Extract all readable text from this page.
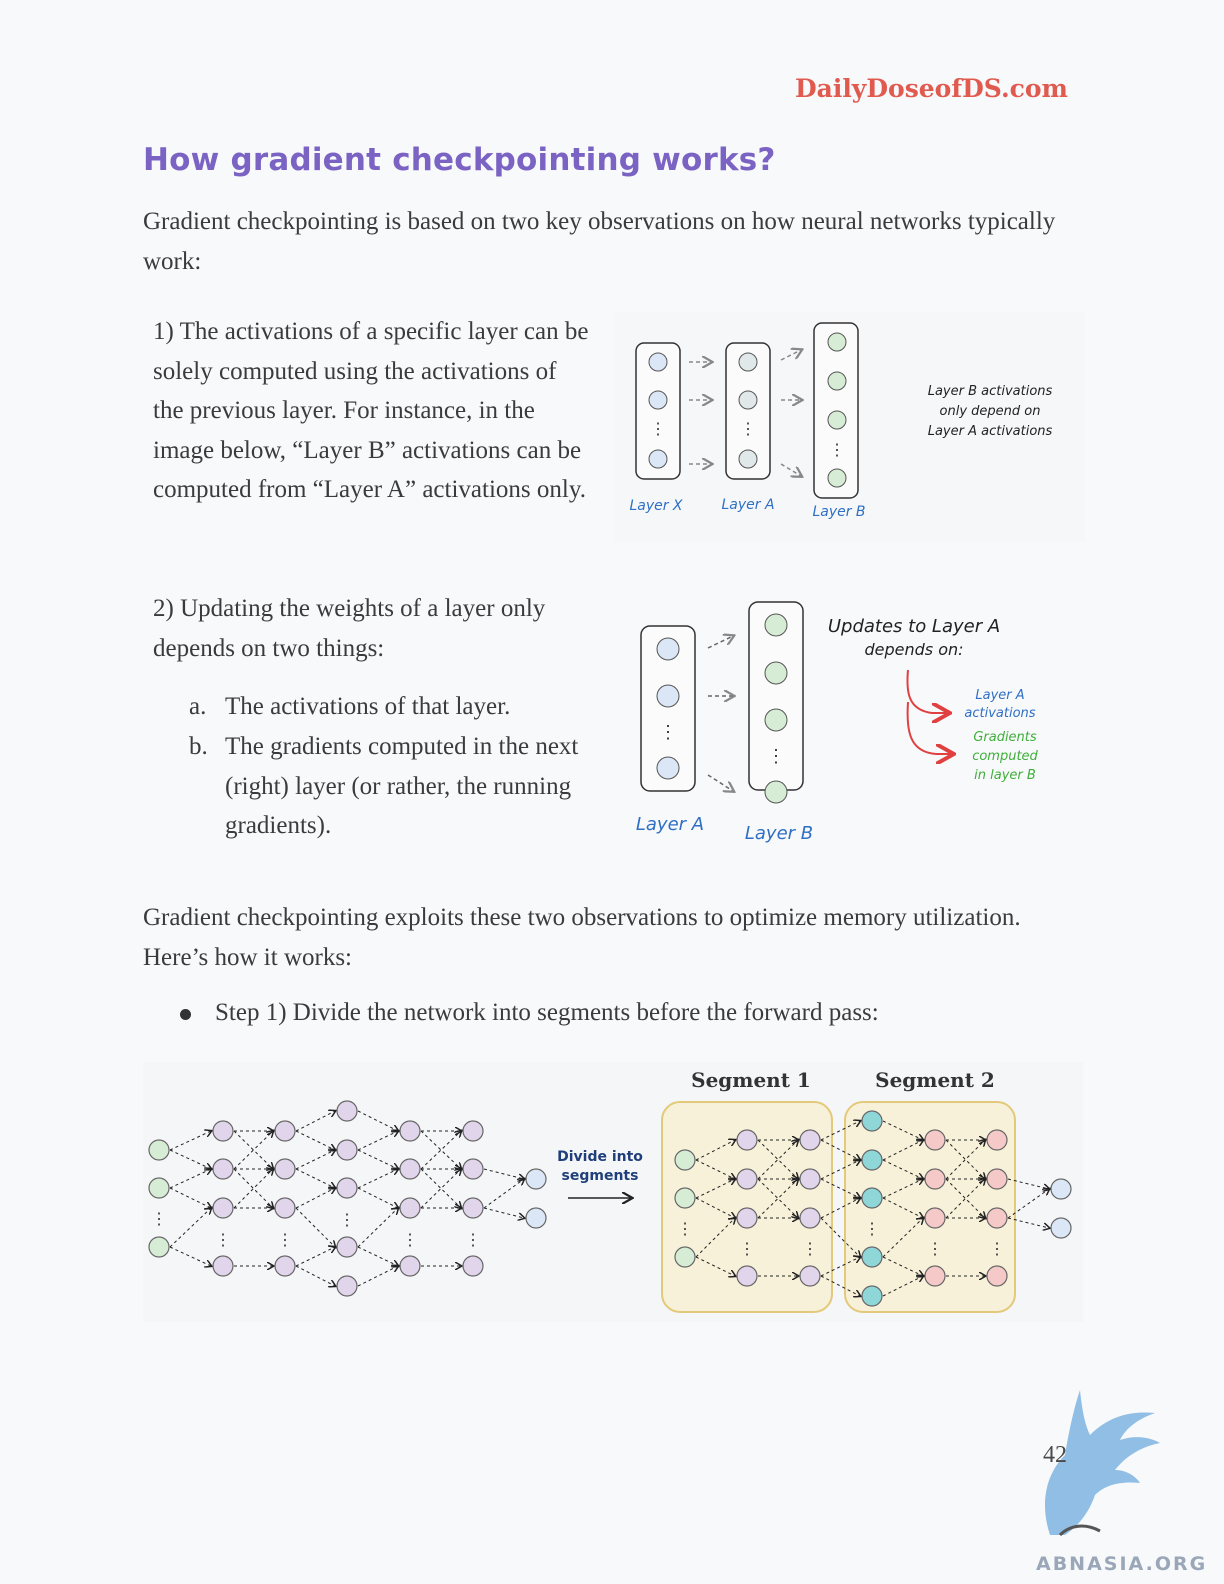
DailyDoseofDS.com
How gradient checkpointing works?

Gradient checkpointing is based on two key observations on how neural networks typically work:

1) The activations of a specific layer can be solely computed using the activations of the previous layer. For instance, in the image below, “Layer B” activations can be computed from “Layer A” activations only.

⋮	⋮
⋮
Layer X	Layer A	Layer B
Layer B activations
only depend on
Layer A activations

2) Updating the weights of a layer only depends on two things:

a. The activations of that layer.
b. The gradients computed in the next (right) layer (or rather, the running gradients).
⋮
⋮
Layer A Layer B
Updates to Layer A
depends on:
Layer A
activations
Gradients
computed
in layer B

Gradient checkpointing exploits these two observations to optimize memory utilization. Here’s how it works:

Step 1) Divide the network into segments before the forward pass:
⋮
⋮	⋮
⋮
⋮	⋮
⋮
⋮	⋮
⋮
⋮	⋮
Segment 1	Segment 2
Divide into
segments
42
ABNASIA.ORG
